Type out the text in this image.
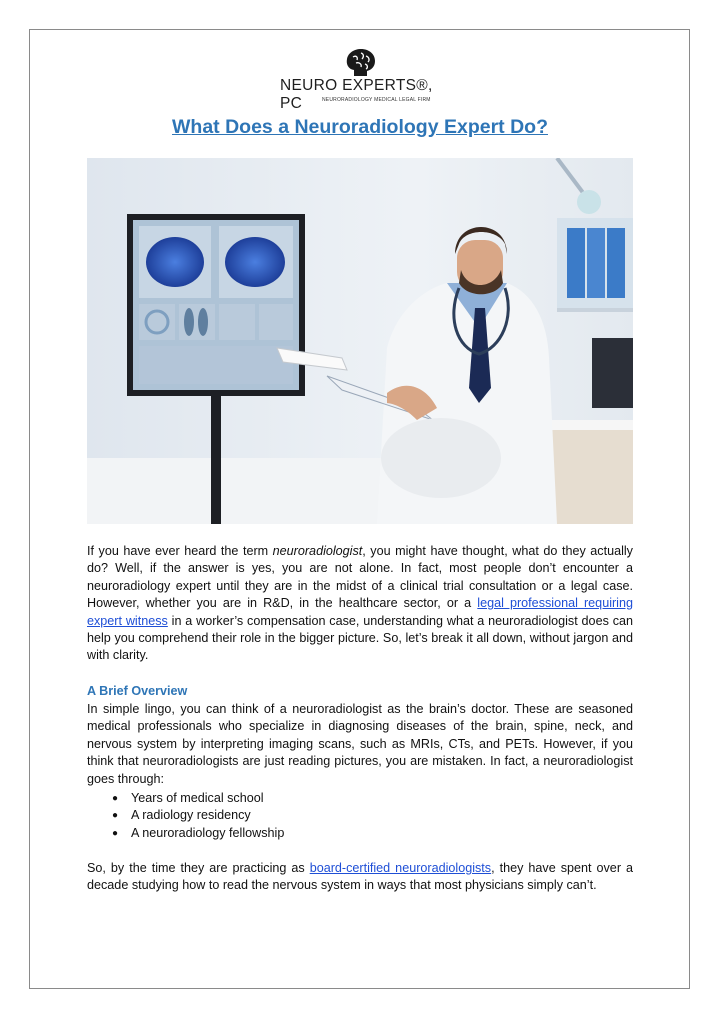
NEURO EXPERTS®, PC	NEURORADIOLOGY MEDICAL LEGAL FIRM
What Does a Neuroradiology Expert Do?
If you have ever heard the term neuroradiologist, you might have thought, what do they actually do? Well, if the answer is yes, you are not alone. In fact, most people don’t encounter a neuroradiology expert until they are in the midst of a clinical trial consultation or a legal case. However, whether you are in R&D, in the healthcare sector, or a legal professional requiring expert witness in a worker’s compensation case, understanding what a neuroradiologist does can help you comprehend their role in the bigger picture. So, let’s break it all down, without jargon and with clarity.
A Brief Overview
In simple lingo, you can think of a neuroradiologist as the brain’s doctor. These are seasoned medical professionals who specialize in diagnosing diseases of the brain, spine, neck, and nervous system by interpreting imaging scans, such as MRIs, CTs, and PETs. However, if you think that neuroradiologists are just reading pictures, you are mistaken. In fact, a neuroradiologist goes through:
● Years of medical school
● A radiology residency
● A neuroradiology fellowship
So, by the time they are practicing as board-certified neuroradiologists, they have spent over a decade studying how to read the nervous system in ways that most physicians simply can’t.
